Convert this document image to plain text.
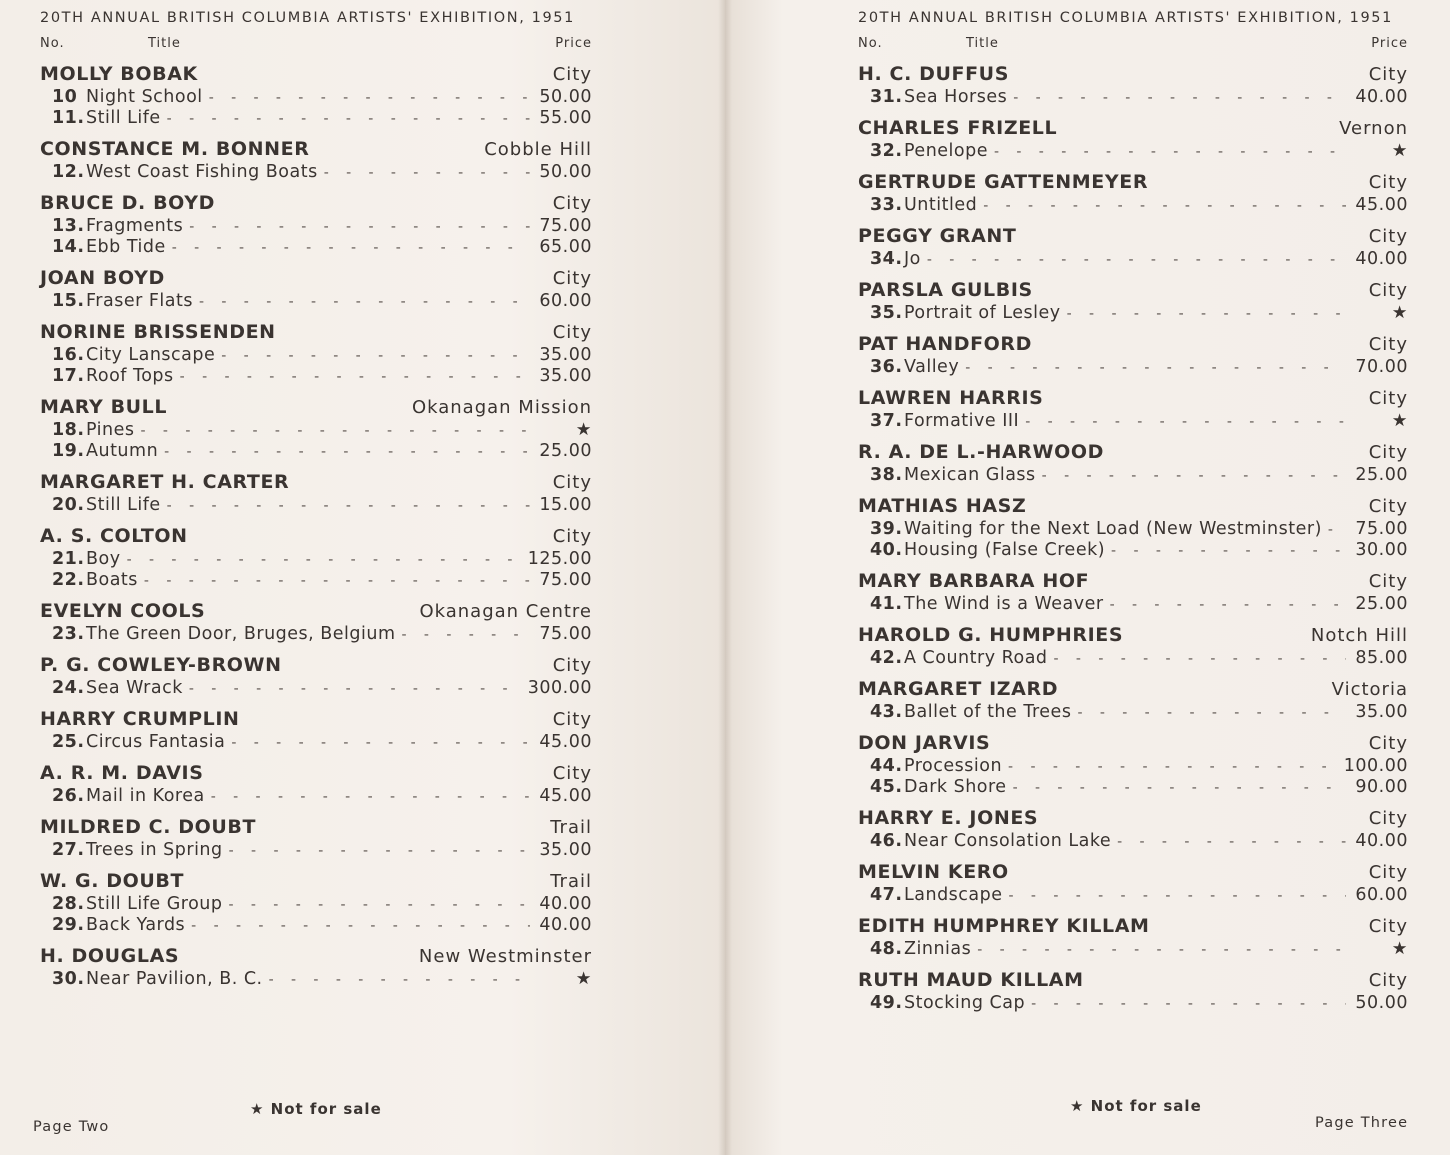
20TH ANNUAL BRITISH COLUMBIA ARTISTS' EXHIBITION, 1951
No.	Title	Price
MOLLY BOBAK	City
10 Night School - -	50.00
11. Still Life - -	55.00
CONSTANCE M. BONNER	Cobble Hill
12. West Coast Fishing Boats - -	50.00
BRUCE D. BOYD	City
13. Fragments - -	75.00
14. Ebb Tide - -	65.00
JOAN BOYD	City
15. Fraser Flats - -	60.00
NORINE BRISSENDEN	City
16. City Lanscape - -	35.00
17. Roof Tops - -	35.00
MARY BULL	Okanagan Mission
18. Pines - -	★
19. Autumn - -	25.00
MARGARET H. CARTER	City
20. Still Life - -	15.00
A. S. COLTON	City
21. Boy - -	125.00
22. Boats - -	75.00
EVELYN COOLS	Okanagan Centre
23. The Green Door, Bruges, Belgium - -	75.00
P. G. COWLEY-BROWN	City
24. Sea Wrack - -	300.00
HARRY CRUMPLIN	City
25. Circus Fantasia - -	45.00
A. R. M. DAVIS	City
26. Mail in Korea - -	45.00
MILDRED C. DOUBT	Trail
27. Trees in Spring - -	35.00
W. G. DOUBT	Trail
28. Still Life Group - -	40.00
29. Back Yards - -	40.00
H. DOUGLAS	New Westminster
30. Near Pavilion, B. C. - -	★
★ Not for sale
Page Two
20TH ANNUAL BRITISH COLUMBIA ARTISTS' EXHIBITION, 1951
No.	Title	Price
H. C. DUFFUS	City
31. Sea Horses - -	40.00
CHARLES FRIZELL	Vernon
32. Penelope - -	★
GERTRUDE GATTENMEYER	City
33. Untitled - -	45.00
PEGGY GRANT	City
34. Jo - -	40.00
PARSLA GULBIS	City
35. Portrait of Lesley - -	★
PAT HANDFORD	City
36. Valley - -	70.00
LAWREN HARRIS	City
37. Formative III - -	★
R. A. DE L.-HARWOOD	City
38. Mexican Glass - -	25.00
MATHIAS HASZ	City
39. Waiting for the Next Load (New Westminster) - - 75.00
40. Housing (False Creek) - -	30.00
MARY BARBARA HOF	City
41. The Wind is a Weaver - -	25.00
HAROLD G. HUMPHRIES	Notch Hill
42. A Country Road - -	85.00
MARGARET IZARD	Victoria
43. Ballet of the Trees - -	35.00
DON JARVIS	City
44. Procession - -	100.00
45. Dark Shore - -	90.00
HARRY E. JONES	City
46. Near Consolation Lake - -	40.00
MELVIN KERO	City
47. Landscape - -	60.00
EDITH HUMPHREY KILLAM	City
48. Zinnias - -	★
RUTH MAUD KILLAM	City
49. Stocking Cap - -	50.00
★ Not for sale
Page Three
